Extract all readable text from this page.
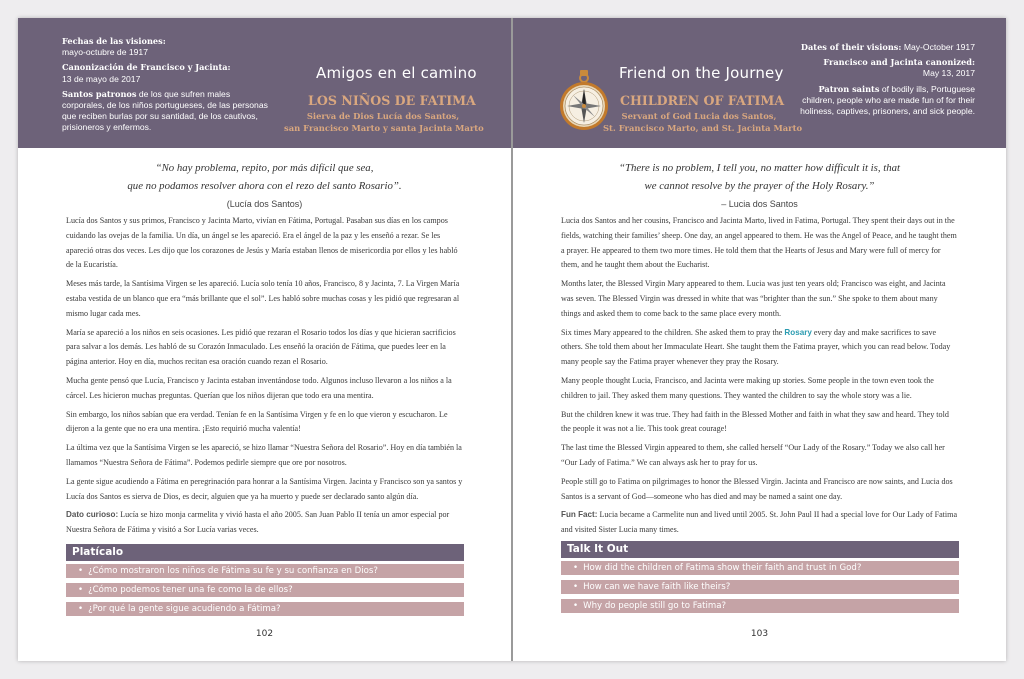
Fechas de las visiones:
mayo-octubre de 1917
Canonización de Francisco y Jacinta:
13 de mayo de 2017
Santos patronos de los que sufren males corporales, de los niños portugueses, de las personas que reciben burlas por su santidad, de los cautivos, prisioneros y enfermos.
Amigos en el camino
LOS NIÑOS DE FATIMA
Sierva de Dios Lucía dos Santos,
san Francisco Marto y santa Jacinta Marto
“No hay problema, repito, por más difícil que sea,
que no podamos resolver ahora con el rezo del santo Rosario”.
(Lucía dos Santos)

Lucía dos Santos y sus primos, Francisco y Jacinta Marto, vivían en Fátima, Portugal. Pasaban sus días en los campos cuidando las ovejas de la familia. Un día, un ángel se les apareció. Era el ángel de la paz y les enseñó a rezar. Se les apareció otras dos veces. Les dijo que los corazones de Jesús y María estaban llenos de misericordia por ellos y les habló de la Eucaristía.

Meses más tarde, la Santísima Virgen se les apareció. Lucía solo tenía 10 años, Francisco, 8 y Jacinta, 7. La Virgen María estaba vestida de un blanco que era “más brillante que el sol”. Les habló sobre muchas cosas y les pidió que regresaran al mismo lugar cada mes.

María se apareció a los niños en seis ocasiones. Les pidió que rezaran el Rosario todos los días y que hicieran sacrificios para salvar a los demás. Les habló de su Corazón Inmaculado. Les enseñó la oración de Fátima, que puedes leer en la página anterior. Hoy en día, muchos recitan esa oración cuando rezan el Rosario.

Mucha gente pensó que Lucía, Francisco y Jacinta estaban inventándose todo. Algunos incluso llevaron a los niños a la cárcel. Les hicieron muchas preguntas. Querían que los niños dijeran que todo era una mentira.

Sin embargo, los niños sabían que era verdad. Tenían fe en la Santísima Virgen y fe en lo que vieron y escucharon. Le dijeron a la gente que no era una mentira. ¡Esto requirió mucha valentía!

La última vez que la Santísima Virgen se les apareció, se hizo llamar “Nuestra Señora del Rosario”. Hoy en día también la llamamos “Nuestra Señora de Fátima”. Podemos pedirle siempre que ore por nosotros.

La gente sigue acudiendo a Fátima en peregrinación para honrar a la Santísima Virgen. Jacinta y Francisco son ya santos y Lucía dos Santos es sierva de Dios, es decir, alguien que ya ha muerto y puede ser declarado santo algún día.

Dato curioso: Lucía se hizo monja carmelita y vivió hasta el año 2005. San Juan Pablo II tenía un amor especial por Nuestra Señora de Fátima y visitó a Sor Lucía varias veces.

Platícalo
• ¿Cómo mostraron los niños de Fátima su fe y su confianza en Dios?
• ¿Cómo podemos tener una fe como la de ellos?
• ¿Por qué la gente sigue acudiendo a Fátima?
102
Friend on the Journey
CHILDREN OF FATIMA
Servant of God Lucia dos Santos,
St. Francisco Marto, and St. Jacinta Marto
Dates of their visions: May-October 1917
Francisco and Jacinta canonized:
May 13, 2017
Patron saints of bodily ills, Portuguese children, people who are made fun of for their holiness, captives, prisoners, and sick people.
“There is no problem, I tell you, no matter how difficult it is, that
we cannot resolve by the prayer of the Holy Rosary.”
– Lucia dos Santos

Lucia dos Santos and her cousins, Francisco and Jacinta Marto, lived in Fatima, Portugal. They spent their days out in the fields, watching their families’ sheep. One day, an angel appeared to them. He was the Angel of Peace, and he taught them a prayer. He appeared to them two more times. He told them that the Hearts of Jesus and Mary were full of mercy for them, and he taught them about the Eucharist.

Months later, the Blessed Virgin Mary appeared to them. Lucia was just ten years old; Francisco was eight, and Jacinta was seven. The Blessed Virgin was dressed in white that was “brighter than the sun.” She spoke to them about many things and asked them to come back to the same place every month.

Six times Mary appeared to the children. She asked them to pray the Rosary every day and make sacrifices to save others. She told them about her Immaculate Heart. She taught them the Fatima prayer, which you can read below. Today many people say the Fatima prayer whenever they pray the Rosary.

Many people thought Lucia, Francisco, and Jacinta were making up stories. Some people in the town even took the children to jail. They asked them many questions. They wanted the children to say the whole story was a lie.

But the children knew it was true. They had faith in the Blessed Mother and faith in what they saw and heard. They told the people it was not a lie. This took great courage!

The last time the Blessed Virgin appeared to them, she called herself “Our Lady of the Rosary.” Today we also call her “Our Lady of Fatima.” We can always ask her to pray for us.

People still go to Fatima on pilgrimages to honor the Blessed Virgin. Jacinta and Francisco are now saints, and Lucia dos Santos is a servant of God—someone who has died and may be named a saint one day.

Fun Fact: Lucia became a Carmelite nun and lived until 2005. St. John Paul II had a special love for Our Lady of Fatima and visited Sister Lucia many times.

Talk It Out
• How did the children of Fatima show their faith and trust in God?
• How can we have faith like theirs?
• Why do people still go to Fatima?
103
